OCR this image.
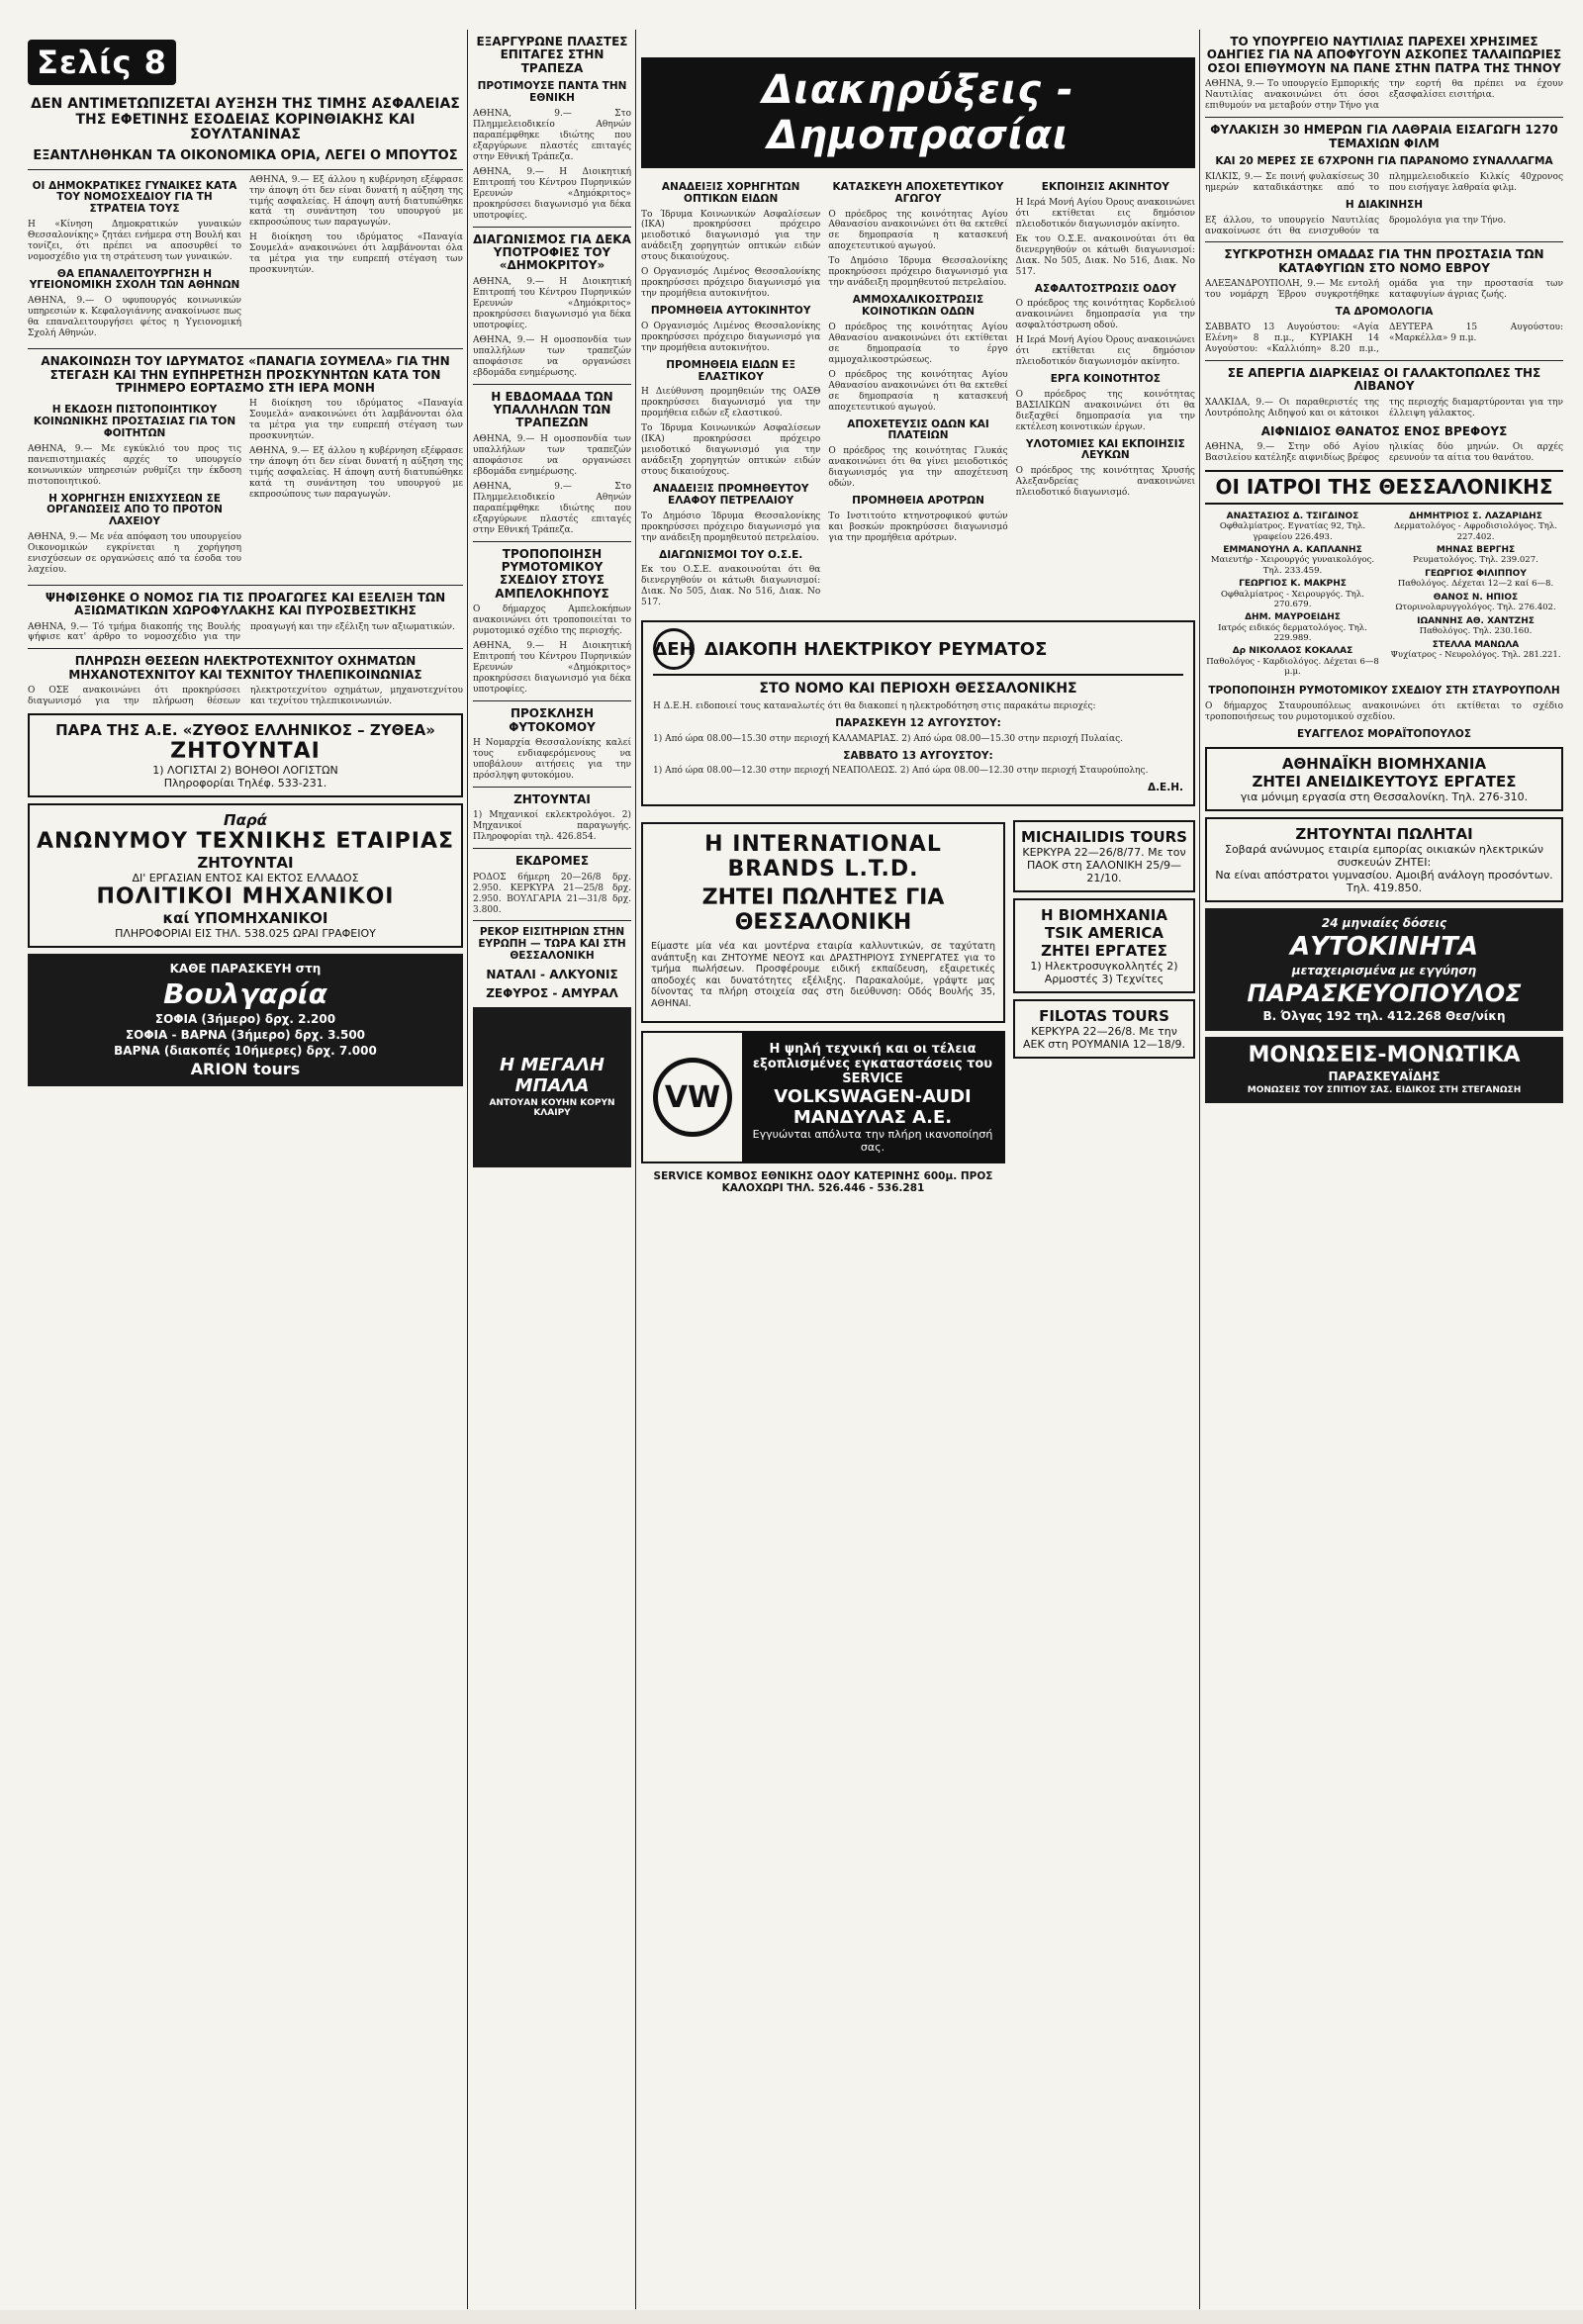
Σελίς 8
ΔΕΝ ΑΝΤΙΜΕΤΩΠΙΖΕΤΑΙ ΑΥΞΗΣΗ ΤΗΣ ΤΙΜΗΣ ΑΣΦΑΛΕΙΑΣ ΤΗΣ ΕΦΕΤΙΝΗΣ ΕΣΟΔΕΙΑΣ ΚΟΡΙΝΘΙΑΚΗΣ ΚΑΙ ΣΟΥΛΤΑΝΙΝΑΣ
ΕΞΑΝΤΛΗΘΗΚΑΝ ΤΑ ΟΙΚΟΝΟΜΙΚΑ ΟΡΙΑ, ΛΕΓΕΙ Ο ΜΠΟΥΤΟΣ
ΟΙ ΔΗΜΟΚΡΑΤΙΚΕΣ ΓΥΝΑΙΚΕΣ ΚΑΤΑ ΤΟΥ ΝΟΜΟΣΧΕΔΙΟΥ ΓΙΑ ΤΗ ΣΤΡΑΤΕΙΑ ΤΟΥΣ

Η «Κίνηση Δημοκρατικών γυναικών Θεσσαλονίκης» ζητάει ενήμερα στη Βουλή και τονίζει, ότι πρέπει να αποσυρθεί το νομοσχέδιο για τη στράτευση των γυναικών.

ΘΑ ΕΠΑΝΑΛΕΙΤΟΥΡΓΗΣΗ Η ΥΓΕΙΟΝΟΜΙΚΗ ΣΧΟΛΗ ΤΩΝ ΑΘΗΝΩΝ

ΑΘΗΝΑ, 9.— Ο υφυπουργός κοινωνικών υπηρεσιών κ. Κεφαλογιάννης ανακοίνωσε πως θα επαναλειτουργήσει φέτος η Υγειονομική Σχολή Αθηνών.

ΑΘΗΝΑ, 9.— Εξ άλλου η κυβέρνηση εξέφρασε την άποψη ότι δεν είναι δυνατή η αύξηση της τιμής ασφαλείας. Η άποψη αυτή διατυπώθηκε κατά τη συνάντηση του υπουργού με εκπροσώπους των παραγωγών.

Η διοίκηση του ιδρύματος «Παναγία Σουμελά» ανακοινώνει ότι λαμβάνονται όλα τα μέτρα για την ευπρεπή στέγαση των προσκυνητών.

ΑΝΑΚΟΙΝΩΣΗ ΤΟΥ ΙΔΡΥΜΑΤΟΣ «ΠΑΝΑΓΙΑ ΣΟΥΜΕΛΑ» ΓΙΑ ΤΗΝ ΣΤΕΓΑΣΗ ΚΑΙ ΤΗΝ ΕΥΠΗΡΕΤΗΣΗ ΠΡΟΣΚΥΝΗΤΩΝ ΚΑΤΑ ΤΟΝ ΤΡΙΗΜΕΡΟ ΕΟΡΤΑΣΜΟ ΣΤΗ ΙΕΡΑ ΜΟΝΗ
Η ΕΚΔΟΣΗ ΠΙΣΤΟΠΟΙΗΤΙΚΟΥ ΚΟΙΝΩΝΙΚΗΣ ΠΡΟΣΤΑΣΙΑΣ ΓΙΑ ΤΟΝ ΦΟΙΤΗΤΩΝ

ΑΘΗΝΑ, 9.— Με εγκύκλιό του προς τις πανεπιστημιακές αρχές το υπουργείο κοινωνικών υπηρεσιών ρυθμίζει την έκδοση πιστοποιητικού.

Η ΧΟΡΗΓΗΣΗ ΕΝΙΣΧΥΣΕΩΝ ΣΕ ΟΡΓΑΝΩΣΕΙΣ ΑΠΟ ΤΟ ΠΡΟΤΟΝ ΛΑΧΕΙΟΥ

ΑΘΗΝΑ, 9.— Με νέα απόφαση του υπουργείου Οικονομικών εγκρίνεται η χορήγηση ενισχύσεων σε οργανώσεις από τα έσοδα του λαχείου.

Η διοίκηση του ιδρύματος «Παναγία Σουμελά» ανακοινώνει ότι λαμβάνονται όλα τα μέτρα για την ευπρεπή στέγαση των προσκυνητών.

ΑΘΗΝΑ, 9.— Εξ άλλου η κυβέρνηση εξέφρασε την άποψη ότι δεν είναι δυνατή η αύξηση της τιμής ασφαλείας. Η άποψη αυτή διατυπώθηκε κατά τη συνάντηση του υπουργού με εκπροσώπους των παραγωγών.

ΨΗΦΙΣΘΗΚΕ Ο ΝΟΜΟΣ ΓΙΑ ΤΙΣ ΠΡΟΑΓΩΓΕΣ ΚΑΙ ΕΞΕΛΙΞΗ ΤΩΝ ΑΞΙΩΜΑΤΙΚΩΝ ΧΩΡΟΦΥΛΑΚΗΣ ΚΑΙ ΠΥΡΟΣΒΕΣΤΙΚΗΣ

ΑΘΗΝΑ, 9.— Τό τμήμα διακοπής της Βουλής ψήφισε κατ' άρθρο το νομοσχέδιο για την προαγωγή και την εξέλιξη των αξιωματικών.

ΠΛΗΡΩΣΗ ΘΕΣΕΩΝ ΗΛΕΚΤΡΟΤΕΧΝΙΤΟΥ ΟΧΗΜΑΤΩΝ ΜΗΧΑΝΟΤΕΧΝΙΤΟΥ ΚΑΙ ΤΕΧΝΙΤΟΥ ΤΗΛΕΠΙΚΟΙΝΩΝΙΑΣ

Ο ΟΣΕ ανακοινώνει ότι προκηρύσσει διαγωνισμό για την πλήρωση θέσεων ηλεκτροτεχνίτου οχημάτων, μηχανοτεχνίτου και τεχνίτου τηλεπικοινωνιών.

ΠΑΡΑ ΤΗΣ Α.Ε. «ΖΥΘΟΣ ΕΛΛΗΝΙΚΟΣ – ΖΥΘΕΑ»
ΖΗΤΟΥΝΤΑΙ
1) ΛΟΓΙΣΤΑΙ 2) ΒΟΗΘΟΙ ΛΟΓΙΣΤΩΝ
Πληροφορίαι Τηλέφ. 533-231.
Παρά
ΑΝΩΝΥΜΟΥ ΤΕΧΝΙΚΗΣ ΕΤΑΙΡΙΑΣ
ΖΗΤΟΥΝΤΑΙ
ΔΙ' ΕΡΓΑΣΙΑΝ ΕΝΤΟΣ ΚΑΙ ΕΚΤΟΣ ΕΛΛΑΔΟΣ
ΠΟΛΙΤΙΚΟΙ ΜΗΧΑΝΙΚΟΙ
καί ΥΠΟΜΗΧΑΝΙΚΟΙ
ΠΛΗΡΟΦΟΡΙΑΙ ΕΙΣ ΤΗΛ. 538.025 ΩΡΑΙ ΓΡΑΦΕΙΟΥ
ΚΑΘΕ ΠΑΡΑΣΚΕΥΗ στη
Βουλγαρία
ΣΟΦΙΑ (3ήμερο) δρχ. 2.200
ΣΟΦΙΑ - ΒΑΡΝΑ (3ήμερο) δρχ. 3.500
ΒΑΡΝΑ (διακοπές 10ήμερες) δρχ. 7.000
ARION tours
ΕΞΑΡΓΥΡΩΝΕ ΠΛΑΣΤΕΣ ΕΠΙΤΑΓΕΣ ΣΤΗΝ ΤΡΑΠΕΖΑ
ΠΡΟΤΙΜΟΥΣΕ ΠΑΝΤΑ ΤΗΝ ΕΘΝΙΚΗ

ΑΘΗΝΑ, 9.— Στο Πλημμελειοδικείο Αθηνών παραπέμφθηκε ιδιώτης που εξαργύρωνε πλαστές επιταγές στην Εθνική Τράπεζα.

ΑΘΗΝΑ, 9.— Η Διοικητική Επιτροπή του Κέντρου Πυρηνικών Ερευνών «Δημόκριτος» προκηρύσσει διαγωνισμό για δέκα υποτροφίες.

ΔΙΑΓΩΝΙΣΜΟΣ ΓΙΑ ΔΕΚΑ ΥΠΟΤΡΟΦΙΕΣ ΤΟΥ «ΔΗΜΟΚΡΙΤΟΥ»

ΑΘΗΝΑ, 9.— Η Διοικητική Επιτροπή του Κέντρου Πυρηνικών Ερευνών «Δημόκριτος» προκηρύσσει διαγωνισμό για δέκα υποτροφίες.

ΑΘΗΝΑ, 9.— Η ομοσπονδία των υπαλλήλων των τραπεζών αποφάσισε να οργανώσει εβδομάδα ενημέρωσης.

Η ΕΒΔΟΜΑΔΑ ΤΩΝ ΥΠΑΛΛΗΛΩΝ ΤΩΝ ΤΡΑΠΕΖΩΝ

ΑΘΗΝΑ, 9.— Η ομοσπονδία των υπαλλήλων των τραπεζών αποφάσισε να οργανώσει εβδομάδα ενημέρωσης.

ΑΘΗΝΑ, 9.— Στο Πλημμελειοδικείο Αθηνών παραπέμφθηκε ιδιώτης που εξαργύρωνε πλαστές επιταγές στην Εθνική Τράπεζα.

ΤΡΟΠΟΠΟΙΗΣΗ ΡΥΜΟΤΟΜΙΚΟΥ ΣΧΕΔΙΟΥ ΣΤΟΥΣ ΑΜΠΕΛΟΚΗΠΟΥΣ

Ο δήμαρχος Αμπελοκήπων ανακοινώνει ότι τροποποιείται το ρυμοτομικό σχέδιο της περιοχής.

ΑΘΗΝΑ, 9.— Η Διοικητική Επιτροπή του Κέντρου Πυρηνικών Ερευνών «Δημόκριτος» προκηρύσσει διαγωνισμό για δέκα υποτροφίες.

ΠΡΟΣΚΛΗΣΗ ΦΥΤΟΚΟΜΟΥ

Η Νομαρχία Θεσσαλονίκης καλεί τους ενδιαφερόμενους να υποβάλουν αιτήσεις για την πρόσληψη φυτοκόμου.

ΖΗΤΟΥΝΤΑΙ

1) Μηχανικοί εκλεκτρολόγοι. 2) Μηχανικοί παραγωγής. Πληροφορίαι τηλ. 426.854.

ΕΚΔΡΟΜΕΣ

ΡΟΔΟΣ 6ήμερη 20—26/8 δρχ. 2.950. ΚΕΡΚΥΡΑ 21—25/8 δρχ. 2.950. ΒΟΥΛΓΑΡΙΑ 21—31/8 δρχ. 3.800.

ΡΕΚΟΡ ΕΙΣΙΤΗΡΙΩΝ ΣΤΗΝ ΕΥΡΩΠΗ — ΤΩΡΑ ΚΑΙ ΣΤΗ ΘΕΣΣΑΛΟΝΙΚΗ
ΝΑΤΑΛΙ - ΑΛΚΥΟΝΙΣ
ΖΕΦΥΡΟΣ - ΑΜΥΡΑΛ
Η ΜΕΓΑΛΗ ΜΠΑΛΑ
ΑΝΤΟΥΑΝ ΚΟΥΗΝ ΚΟΡΥΝ ΚΛΑΙΡΥ
Διακηρύξεις - Δημοπρασίαι
ΑΝΑΔΕΙΞΙΣ ΧΟΡΗΓΗΤΩΝ ΟΠΤΙΚΩΝ ΕΙΔΩΝ

Το Ίδρυμα Κοινωνικών Ασφαλίσεων (ΙΚΑ) προκηρύσσει πρόχειρο μειοδοτικό διαγωνισμό για την ανάδειξη χορηγητών οπτικών ειδών στους δικαιούχους.

Ο Οργανισμός Λιμένος Θεσσαλονίκης προκηρύσσει πρόχειρο διαγωνισμό για την προμήθεια αυτοκινήτου.

ΠΡΟΜΗΘΕΙΑ ΑΥΤΟΚΙΝΗΤΟΥ

Ο Οργανισμός Λιμένος Θεσσαλονίκης προκηρύσσει πρόχειρο διαγωνισμό για την προμήθεια αυτοκινήτου.

ΠΡΟΜΗΘΕΙΑ ΕΙΔΩΝ ΕΞ ΕΛΑΣΤΙΚΟΥ

Η Διεύθυνση προμηθειών της ΟΑΣΘ προκηρύσσει διαγωνισμό για την προμήθεια ειδών εξ ελαστικού.

Το Ίδρυμα Κοινωνικών Ασφαλίσεων (ΙΚΑ) προκηρύσσει πρόχειρο μειοδοτικό διαγωνισμό για την ανάδειξη χορηγητών οπτικών ειδών στους δικαιούχους.

ΑΝΑΔΕΙΞΙΣ ΠΡΟΜΗΘΕΥΤΟΥ ΕΛΑΦΟΥ ΠΕΤΡΕΛΑΙΟΥ

Το Δημόσιο Ίδρυμα Θεσσαλονίκης προκηρύσσει πρόχειρο διαγωνισμό για την ανάδειξη προμηθευτού πετρελαίου.

ΔΙΑΓΩΝΙΣΜΟΙ ΤΟΥ Ο.Σ.Ε.

Εκ του Ο.Σ.Ε. ανακοινούται ότι θα διενεργηθούν οι κάτωθι διαγωνισμοί: Διακ. Νο 505, Διακ. Νο 516, Διακ. Νο 517.

ΚΑΤΑΣΚΕΥΗ ΑΠΟΧΕΤΕΥΤΙΚΟΥ ΑΓΩΓΟΥ

Ο πρόεδρος της κοινότητας Αγίου Αθανασίου ανακοινώνει ότι θα εκτεθεί σε δημοπρασία η κατασκευή αποχετευτικού αγωγού.

Το Δημόσιο Ίδρυμα Θεσσαλονίκης προκηρύσσει πρόχειρο διαγωνισμό για την ανάδειξη προμηθευτού πετρελαίου.

ΑΜΜΟΧΑΛΙΚΟΣΤΡΩΣΙΣ ΚΟΙΝΟΤΙΚΩΝ ΟΔΩΝ

Ο πρόεδρος της κοινότητας Αγίου Αθανασίου ανακοινώνει ότι εκτίθεται σε δημοπρασία το έργο αμμοχαλικοστρώσεως.

Ο πρόεδρος της κοινότητας Αγίου Αθανασίου ανακοινώνει ότι θα εκτεθεί σε δημοπρασία η κατασκευή αποχετευτικού αγωγού.

ΑΠΟΧΕΤΕΥΣΙΣ ΟΔΩΝ ΚΑΙ ΠΛΑΤΕΙΩΝ

Ο πρόεδρος της κοινότητας Γλυκάς ανακοινώνει ότι θα γίνει μειοδοτικός διαγωνισμός για την αποχέτευση οδών.

ΠΡΟΜΗΘΕΙΑ ΑΡΟΤΡΩΝ

Το Ινστιτούτο κτηνοτροφικού φυτών και βοσκών προκηρύσσει διαγωνισμό για την προμήθεια αρότρων.

ΕΚΠΟΙΗΣΙΣ ΑΚΙΝΗΤΟΥ

Η Ιερά Μονή Αγίου Όρους ανακοινώνει ότι εκτίθεται εις δημόσιον πλειοδοτικόν διαγωνισμόν ακίνητο.

Εκ του Ο.Σ.Ε. ανακοινούται ότι θα διενεργηθούν οι κάτωθι διαγωνισμοί: Διακ. Νο 505, Διακ. Νο 516, Διακ. Νο 517.

ΑΣΦΑΛΤΟΣΤΡΩΣΙΣ ΟΔΟΥ

Ο πρόεδρος της κοινότητας Κορδελιού ανακοινώνει δημοπρασία για την ασφαλτόστρωση οδού.

Η Ιερά Μονή Αγίου Όρους ανακοινώνει ότι εκτίθεται εις δημόσιον πλειοδοτικόν διαγωνισμόν ακίνητο.

ΕΡΓΑ ΚΟΙΝΟΤΗΤΟΣ

Ο πρόεδρος της κοινότητας ΒΑΣΙΛΙΚΩΝ ανακοινώνει ότι θα διεξαχθεί δημοπρασία για την εκτέλεση κοινοτικών έργων.

ΥΛΟΤΟΜΙΕΣ ΚΑΙ ΕΚΠΟΙΗΣΙΣ ΛΕΥΚΩΝ

Ο πρόεδρος της κοινότητας Χρυσής Αλεξανδρείας ανακοινώνει πλειοδοτικό διαγωνισμό.

ΔΕΗ ΔΙΑΚΟΠΗ ΗΛΕΚΤΡΙΚΟΥ ΡΕΥΜΑΤΟΣ
ΣΤΟ ΝΟΜΟ ΚΑΙ ΠΕΡΙΟΧΗ ΘΕΣΣΑΛΟΝΙΚΗΣ

Η Δ.Ε.Η. ειδοποιεί τους καταναλωτές ότι θα διακοπεί η ηλεκτροδότηση στις παρακάτω περιοχές:

ΠΑΡΑΣΚΕΥΗ 12 ΑΥΓΟΥΣΤΟΥ:

1) Από ώρα 08.00—15.30 στην περιοχή ΚΑΛΑΜΑΡΙΑΣ. 2) Από ώρα 08.00—15.30 στην περιοχή Πυλαίας.

ΣΑΒΒΑΤΟ 13 ΑΥΓΟΥΣΤΟΥ:

1) Από ώρα 08.00—12.30 στην περιοχή ΝΕΑΠΟΛΕΩΣ. 2) Από ώρα 08.00—12.30 στην περιοχή Σταυρούπολης.

Δ.Ε.Η.
Η INTERNATIONAL BRANDS L.T.D.
ΖΗΤΕΙ ΠΩΛΗΤΕΣ ΓΙΑ ΘΕΣΣΑΛΟΝΙΚΗ

Είμαστε μία νέα και μοντέρνα εταιρία καλλυντικών, σε ταχύτατη ανάπτυξη και ΖΗΤΟΥΜΕ ΝΕΟΥΣ και ΔΡΑΣΤΗΡΙΟΥΣ ΣΥΝΕΡΓΑΤΕΣ για το τμήμα πωλήσεων. Προσφέρουμε ειδική εκπαίδευση, εξαιρετικές αποδοχές και δυνατότητες εξέλιξης. Παρακαλούμε, γράψτε μας δίνοντας τα πλήρη στοιχεία σας στη διεύθυνση: Οδός Βουλής 35, ΑΘΗΝΑΙ.

VW
Η ψηλή τεχνική και οι τέλεια εξοπλισμένες εγκαταστάσεις του SERVICE
VOLKSWAGEN-AUDI
ΜΑΝΔΥΛΑΣ Α.Ε.
Εγγυώνται απόλυτα την πλήρη ικανοποίησή σας.
SERVICE ΚΟΜΒΟΣ ΕΘΝΙΚΗΣ ΟΔΟΥ ΚΑΤΕΡΙΝΗΣ 600μ. ΠΡΟΣ ΚΑΛΟΧΩΡΙ ΤΗΛ. 526.446 - 536.281
MICHAILIDIS TOURS
ΚΕΡΚΥΡΑ 22—26/8/77. Με τον ΠΑΟΚ στη ΣΑΛΟΝΙΚΗ 25/9—21/10.
Η ΒΙΟΜΗΧΑΝΙΑ TSIK AMERICA ΖΗΤΕΙ ΕΡΓΑΤΕΣ
1) Ηλεκτροσυγκολλητές 2) Αρμοστές 3) Τεχνίτες
FILOTAS TOURS
ΚΕΡΚΥΡΑ 22—26/8. Με την ΑΕΚ στη ΡΟΥΜΑΝΙΑ 12—18/9.
ΤΟ ΥΠΟΥΡΓΕΙΟ ΝΑΥΤΙΛΙΑΣ ΠΑΡΕΧΕΙ ΧΡΗΣΙΜΕΣ ΟΔΗΓΙΕΣ ΓΙΑ ΝΑ ΑΠΟΦΥΓΟΥΝ ΑΣΚΟΠΕΣ ΤΑΛΑΙΠΩΡΙΕΣ ΟΣΟΙ ΕΠΙΘΥΜΟΥΝ ΝΑ ΠΑΝΕ ΣΤΗΝ ΠΑΤΡΑ ΤΗΣ ΤΗΝΟΥ

ΑΘΗΝΑ, 9.— Το υπουργείο Εμπορικής Ναυτιλίας ανακοινώνει ότι όσοι επιθυμούν να μεταβούν στην Τήνο για την εορτή θα πρέπει να έχουν εξασφαλίσει εισιτήρια.

ΦΥΛΑΚΙΣΗ 30 ΗΜΕΡΩΝ ΓΙΑ ΛΑΘΡΑΙΑ ΕΙΣΑΓΩΓΗ 1270 ΤΕΜΑΧΙΩΝ ΦΙΛΜ
ΚΑΙ 20 ΜΕΡΕΣ ΣΕ 67ΧΡΟΝΗ ΓΙΑ ΠΑΡΑΝΟΜΟ ΣΥΝΑΛΛΑΓΜΑ

ΚΙΛΚΙΣ, 9.— Σε ποινή φυλακίσεως 30 ημερών καταδικάστηκε από το πλημμελειοδικείο Κιλκίς 40χρονος που εισήγαγε λαθραία φιλμ.

Η ΔΙΑΚΙΝΗΣΗ

Εξ άλλου, το υπουργείο Ναυτιλίας ανακοίνωσε ότι θα ενισχυθούν τα δρομολόγια για την Τήνο.

ΣΥΓΚΡΟΤΗΣΗ ΟΜΑΔΑΣ ΓΙΑ ΤΗΝ ΠΡΟΣΤΑΣΙΑ ΤΩΝ ΚΑΤΑΦΥΓΙΩΝ ΣΤΟ ΝΟΜΟ ΕΒΡΟΥ

ΑΛΕΞΑΝΔΡΟΥΠΟΛΗ, 9.— Με εντολή του νομάρχη Έβρου συγκροτήθηκε ομάδα για την προστασία των καταφυγίων άγριας ζωής.

ΤΑ ΔΡΟΜΟΛΟΓΙΑ

ΣΑΒΒΑΤΟ 13 Αυγούστου: «Αγία Ελένη» 8 π.μ., ΚΥΡΙΑΚΗ 14 Αυγούστου: «Καλλιόπη» 8.20 π.μ., ΔΕΥΤΕΡΑ 15 Αυγούστου: «Μαρκέλλα» 9 π.μ.

ΣΕ ΑΠΕΡΓΙΑ ΔΙΑΡΚΕΙΑΣ ΟΙ ΓΑΛΑΚΤΟΠΩΛΕΣ ΤΗΣ ΛΙΒΑΝΟΥ

ΧΑΛΚΙΔΑ, 9.— Οι παραθεριστές της Λουτρόπολης Αιδηψού και οι κάτοικοι της περιοχής διαμαρτύρονται για την έλλειψη γάλακτος.

ΑΙΦΝΙΔΙΟΣ ΘΑΝΑΤΟΣ ΕΝΟΣ ΒΡΕΦΟΥΣ

ΑΘΗΝΑ, 9.— Στην οδό Αγίου Βασιλείου κατέληξε αιφνιδίως βρέφος ηλικίας δύο μηνών. Οι αρχές ερευνούν τα αίτια του θανάτου.

ΟΙ ΙΑΤΡΟΙ ΤΗΣ ΘΕΣΣΑΛΟΝΙΚΗΣ
ΑΝΑΣΤΑΣΙΟΣ Δ. ΤΣΙΓΔΙΝΟΣ
Οφθαλμίατρος. Εγνατίας 92, Τηλ. γραφείου 226.493.
ΕΜΜΑΝΟΥΗΛ Α. ΚΑΠΛΑΝΗΣ
Μαιευτήρ - Χειρουργός γυναικολόγος. Τηλ. 233.459.
ΓΕΩΡΓΙΟΣ Κ. ΜΑΚΡΗΣ
Οφθαλμίατρος - Χειρουργός. Τηλ. 270.679.
ΔΗΜ. ΜΑΥΡΟΕΙΔΗΣ
Ιατρός ειδικός δερματολόγος. Τηλ. 229.989.
Δρ ΝΙΚΟΛΑΟΣ ΚΟΚΑΛΑΣ
Παθολόγος - Καρδιολόγος. Δέχεται 6—8 μ.μ.
ΔΗΜΗΤΡΙΟΣ Σ. ΛΑΖΑΡΙΔΗΣ
Δερματολόγος - Αφροδισιολόγος. Τηλ. 227.402.
ΜΗΝΑΣ ΒΕΡΓΗΣ
Ρευματολόγος. Τηλ. 239.027.
ΓΕΩΡΓΙΟΣ ΦΙΛΙΠΠΟΥ
Παθολόγος. Δέχεται 12—2 καί 6—8.
ΘΑΝΟΣ Ν. ΗΠΙΟΣ
Ωτορινολαρυγγολόγος. Τηλ. 276.402.
ΙΩΑΝΝΗΣ ΑΘ. ΧΑΝΤΖΗΣ
Παθολόγος. Τηλ. 230.160.
ΣΤΕΛΛΑ ΜΑΝΩΛΑ
Ψυχίατρος - Νευρολόγος. Τηλ. 281.221.
ΤΡΟΠΟΠΟΙΗΣΗ ΡΥΜΟΤΟΜΙΚΟΥ ΣΧΕΔΙΟΥ ΣΤΗ ΣΤΑΥΡΟΥΠΟΛΗ

Ο δήμαρχος Σταυρουπόλεως ανακοινώνει ότι εκτίθεται το σχέδιο τροποποιήσεως του ρυμοτομικού σχεδίου.

ΕΥΑΓΓΕΛΟΣ ΜΟΡΑΪΤΟΠΟΥΛΟΣ
ΑΘΗΝΑΪΚΗ ΒΙΟΜΗΧΑΝΙΑ
ΖΗΤΕΙ ΑΝΕΙΔΙΚΕΥΤΟΥΣ ΕΡΓΑΤΕΣ
για μόνιμη εργασία στη Θεσσαλονίκη. Τηλ. 276-310.
ΖΗΤΟΥΝΤΑΙ ΠΩΛΗΤΑΙ
Σοβαρά ανώνυμος εταιρία εμπορίας οικιακών ηλεκτρικών συσκευών ΖΗΤΕΙ:
Να είναι απόστρατοι γυμνασίου. Αμοιβή ανάλογη προσόντων. Τηλ. 419.850.
24 μηνιαίες δόσεις
ΑΥΤΟΚΙΝΗΤΑ
μεταχειρισμένα με εγγύηση
ΠΑΡΑΣΚΕΥΟΠΟΥΛΟΣ
Β. Όλγας 192 τηλ. 412.268 Θεσ/νίκη
ΜΟΝΩΣΕΙΣ-ΜΟΝΩΤΙΚΑ
ΠΑΡΑΣΚΕΥΑΪΔΗΣ
ΜΟΝΩΣΕΙΣ ΤΟΥ ΣΠΙΤΙΟΥ ΣΑΣ. ΕΙΔΙΚΟΣ ΣΤΗ ΣΤΕΓΑΝΩΣΗ
